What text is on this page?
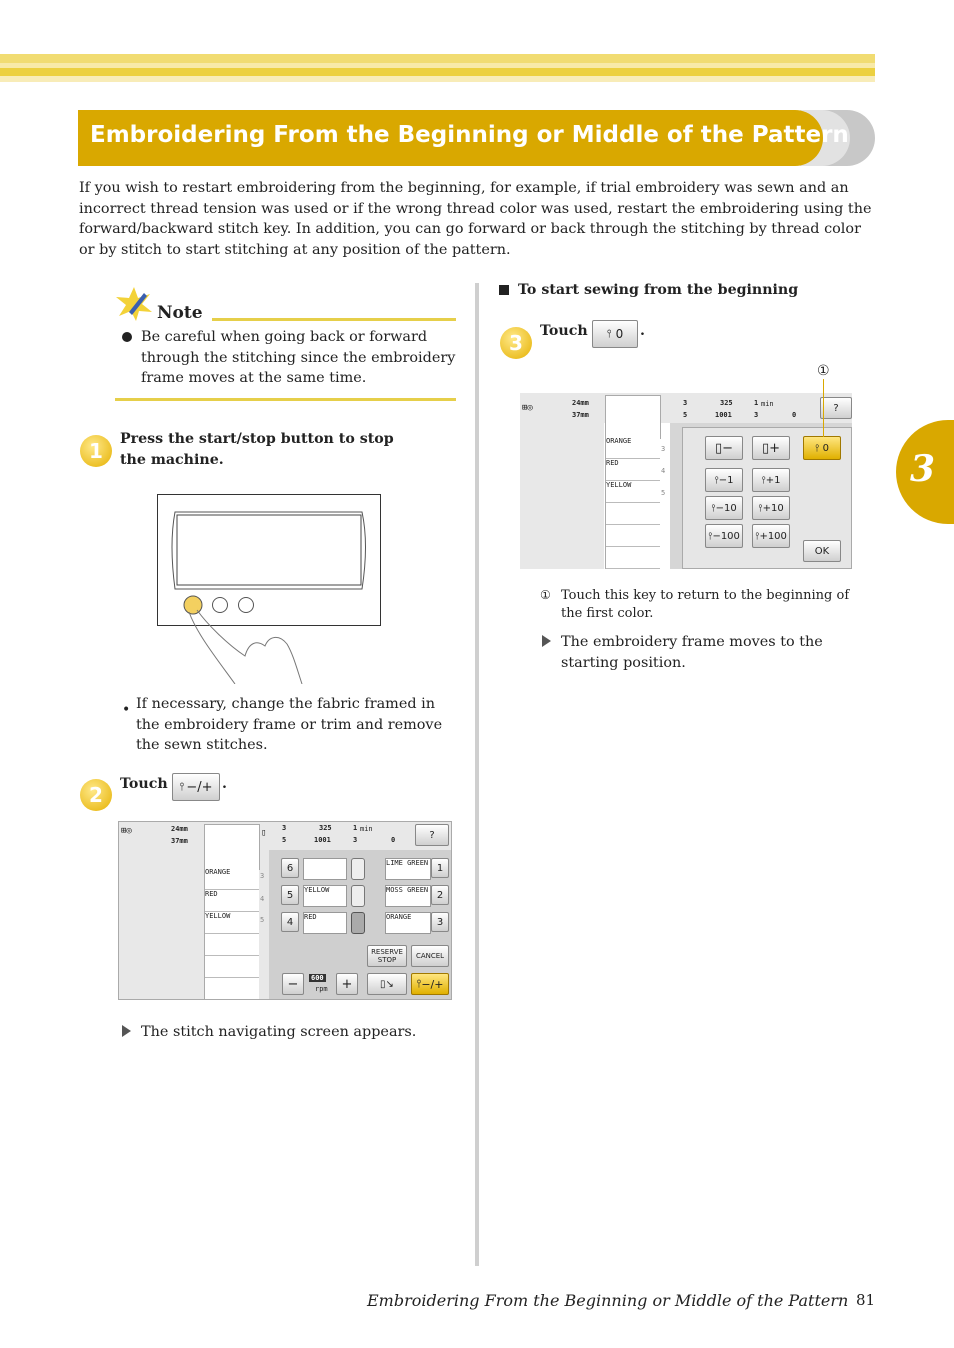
Embroidering From the Beginning or Middle of the Pattern
3
If you wish to restart embroidering from the beginning, for example, if trial embroidery was sewn and an incorrect thread tension was used or if the wrong thread color was used, restart the embroidering using the forward/backward stitch key. In addition, you can go forward or back through the stitching by thread color or by stitch to start stitching at any position of the pattern.
Note
Be careful when going back or forward through the stitching since the embroidery frame moves at the same time.
1 Press the start/stop button to stop the machine.
• If necessary, change the fabric framed in the embroidery frame or trim and remove the sewn stitches.
2 Touch ⫯ −/+ .
⊞◎	24mm
37mm
▯ 3
5
325
1001
1 min
3	0	?
ORANGE
RED
YELLOW
3
4
5
6
5 YELLOW
4 RED
LIME GREEN 1
MOSS GREEN 2
ORANGE	3
RESERVE STOP	CANCEL
−	600
rpm	+	▯↘	⫯ −/+
The stitch navigating screen appears.
To start sewing from the beginning
3 Touch ⫯ 0 .
⊞◎	24mm
37mm
3
5
325
1001
1 min
3	0
?
ORANGE
RED
YELLOW
3
4
5
▯ −	▯ +	⫯
0
⫯ −1	⫯ +1
⫯ −10 ⫯ +10
⫯ −100 ⫯ +100
OK
①
① Touch this key to return to the beginning of the first color.
The embroidery frame moves to the starting position.
Embroidering From the Beginning or Middle of the Pattern 81
